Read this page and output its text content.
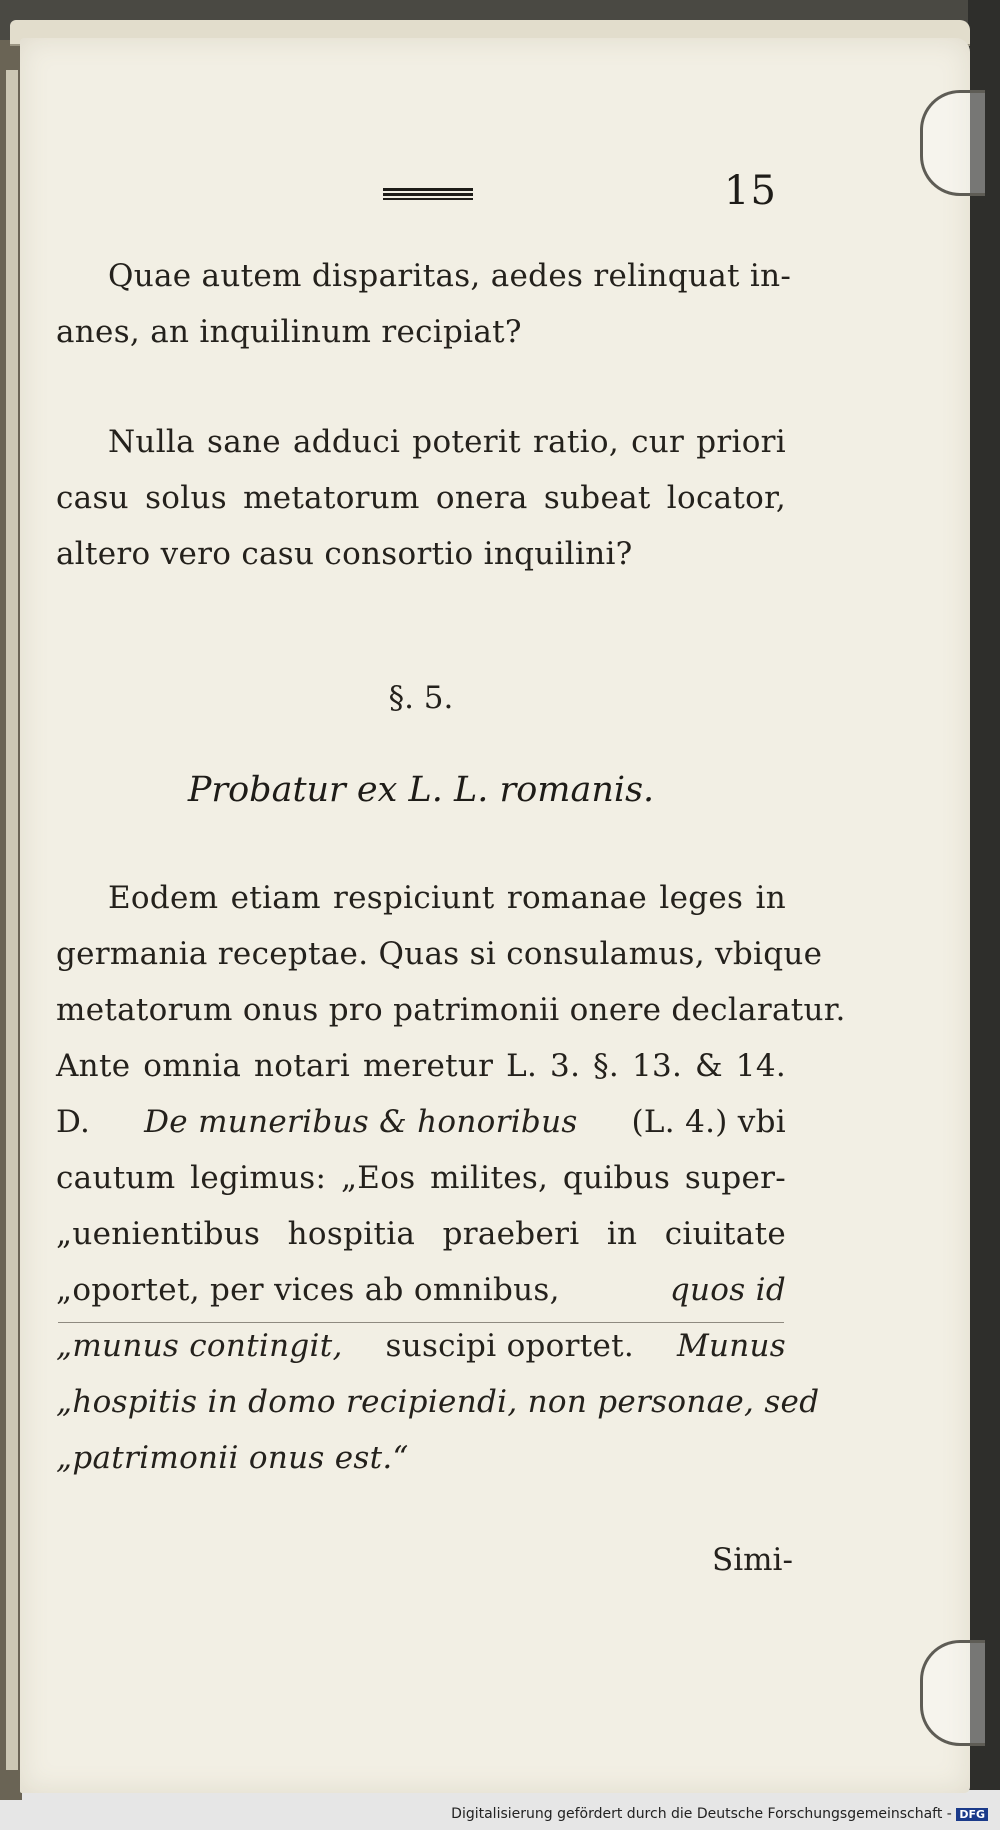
15
Quae autem disparitas, aedes relinquat in-
anes, an inquilinum recipiat?
Nulla sane adduci poterit ratio, cur priori
casu solus metatorum onera subeat locator,
altero vero casu consortio inquilini?
§. 5.
Probatur ex L. L. romanis.
Eodem etiam respiciunt romanae leges in
germania receptae. Quas si consulamus, vbique
metatorum onus pro patrimonii onere declaratur.
Ante omnia notari meretur L. 3. §. 13. & 14.
D. De muneribus & honoribus (L. 4.) vbi
cautum legimus: „Eos milites, quibus super-
„uenientibus hospitia praeberi in ciuitate
„oportet, per vices ab omnibus,	quos id
„munus contingit, suscipi oportet. Munus
„hospitis in domo recipiendi, non personae, sed
„patrimonii onus est.“
Simi-
Digitalisierung gefördert durch die Deutsche Forschungsgemeinschaft - DFG
